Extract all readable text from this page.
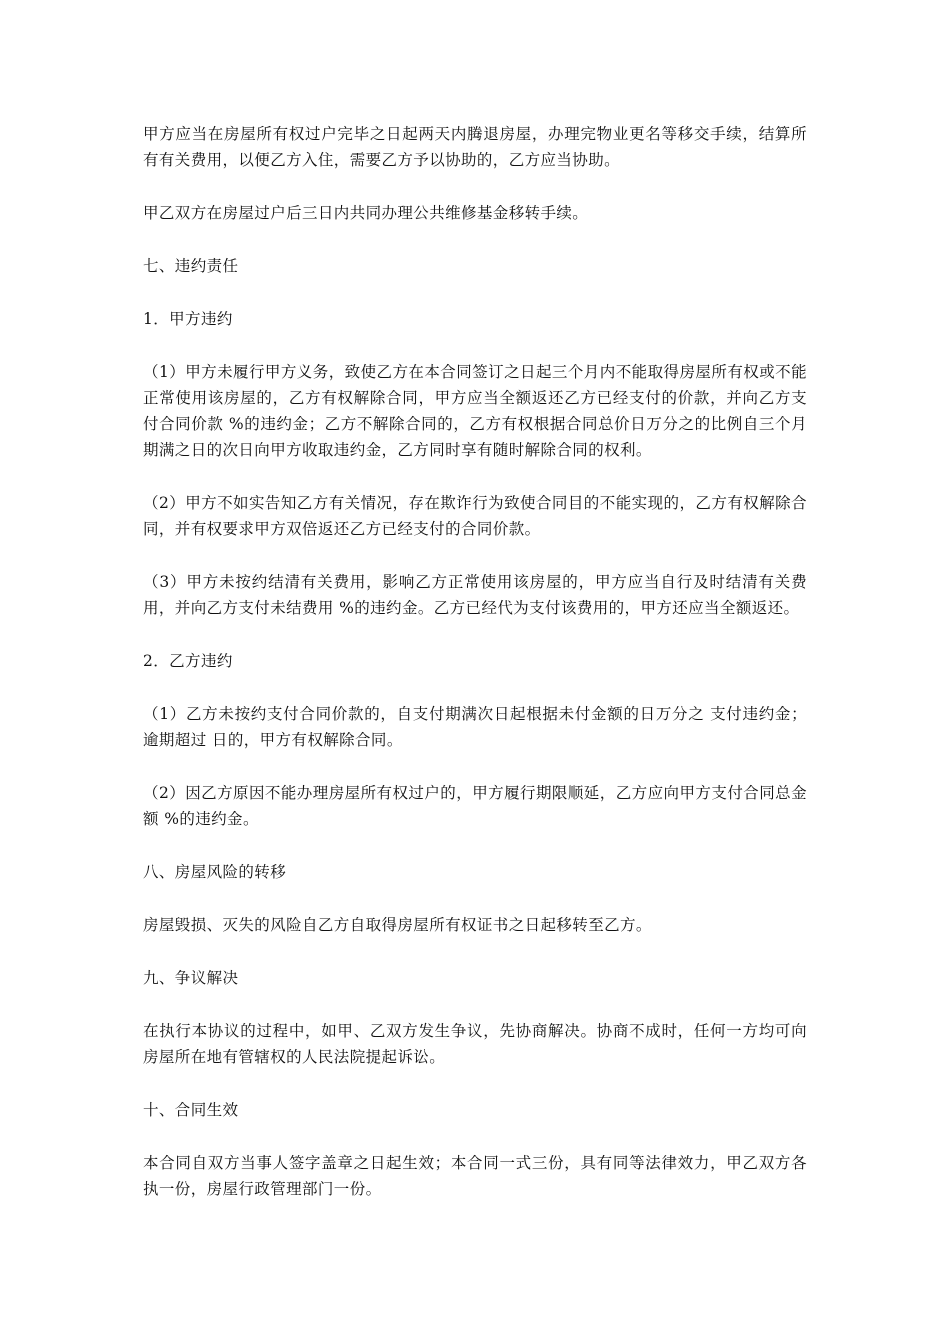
甲方应当在房屋所有权过户完毕之日起两天内腾退房屋，办理完物业更名等移交手续，结算所有有关费用，以便乙方入住，需要乙方予以协助的，乙方应当协助。

甲乙双方在房屋过户后三日内共同办理公共维修基金移转手续。

七、违约责任

1．甲方违约

（1）甲方未履行甲方义务，致使乙方在本合同签订之日起三个月内不能取得房屋所有权或不能正常使用该房屋的，乙方有权解除合同，甲方应当全额返还乙方已经支付的价款，并向乙方支付合同价款 %的违约金；乙方不解除合同的，乙方有权根据合同总价日万分之的比例自三个月期满之日的次日向甲方收取违约金，乙方同时享有随时解除合同的权利。

（2）甲方不如实告知乙方有关情况，存在欺诈行为致使合同目的不能实现的，乙方有权解除合同，并有权要求甲方双倍返还乙方已经支付的合同价款。

（3）甲方未按约结清有关费用，影响乙方正常使用该房屋的，甲方应当自行及时结清有关费用，并向乙方支付未结费用 %的违约金。乙方已经代为支付该费用的，甲方还应当全额返还。

2．乙方违约

（1）乙方未按约支付合同价款的，自支付期满次日起根据未付金额的日万分之 支付违约金；逾期超过 日的，甲方有权解除合同。

（2）因乙方原因不能办理房屋所有权过户的，甲方履行期限顺延，乙方应向甲方支付合同总金额 %的违约金。

八、房屋风险的转移

房屋毁损、灭失的风险自乙方自取得房屋所有权证书之日起移转至乙方。

九、争议解决

在执行本协议的过程中，如甲、乙双方发生争议，先协商解决。协商不成时，任何一方均可向房屋所在地有管辖权的人民法院提起诉讼。

十、合同生效

本合同自双方当事人签字盖章之日起生效；本合同一式三份，具有同等法律效力，甲乙双方各执一份，房屋行政管理部门一份。
